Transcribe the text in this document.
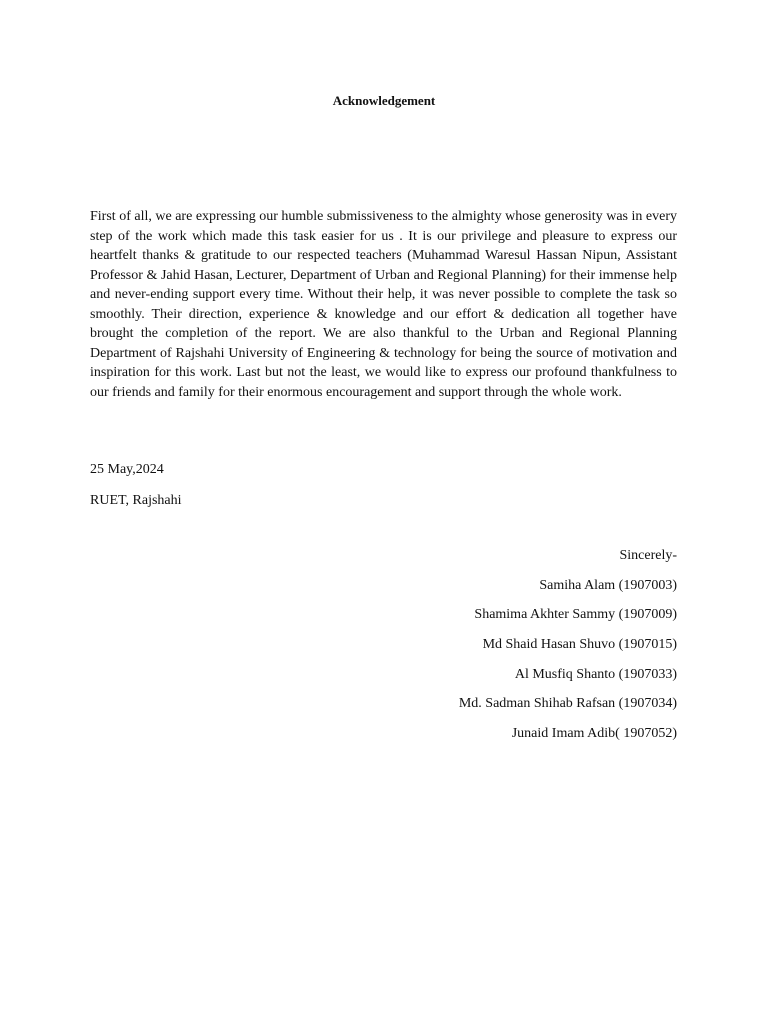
Acknowledgement

First of all, we are expressing our humble submissiveness to the almighty whose generosity was in every step of the work which made this task easier for us . It is our privilege and pleasure to express our heartfelt thanks & gratitude to our respected teachers (Muhammad Waresul Hassan Nipun, Assistant Professor & Jahid Hasan, Lecturer, Department of Urban and Regional Planning) for their immense help and never-ending support every time. Without their help, it was never possible to complete the task so smoothly. Their direction, experience & knowledge and our effort & dedication all together have brought the completion of the report. We are also thankful to the Urban and Regional Planning Department of Rajshahi University of Engineering & technology for being the source of motivation and inspiration for this work. Last but not the least, we would like to express our profound thankfulness to our friends and family for their enormous encouragement and support through the whole work.

25 May,2024
RUET, Rajshahi
Sincerely-
Samiha Alam (1907003)
Shamima Akhter Sammy (1907009)
Md Shaid Hasan Shuvo (1907015)
Al Musfiq Shanto (1907033)
Md. Sadman Shihab Rafsan (1907034)
Junaid Imam Adib( 1907052)
